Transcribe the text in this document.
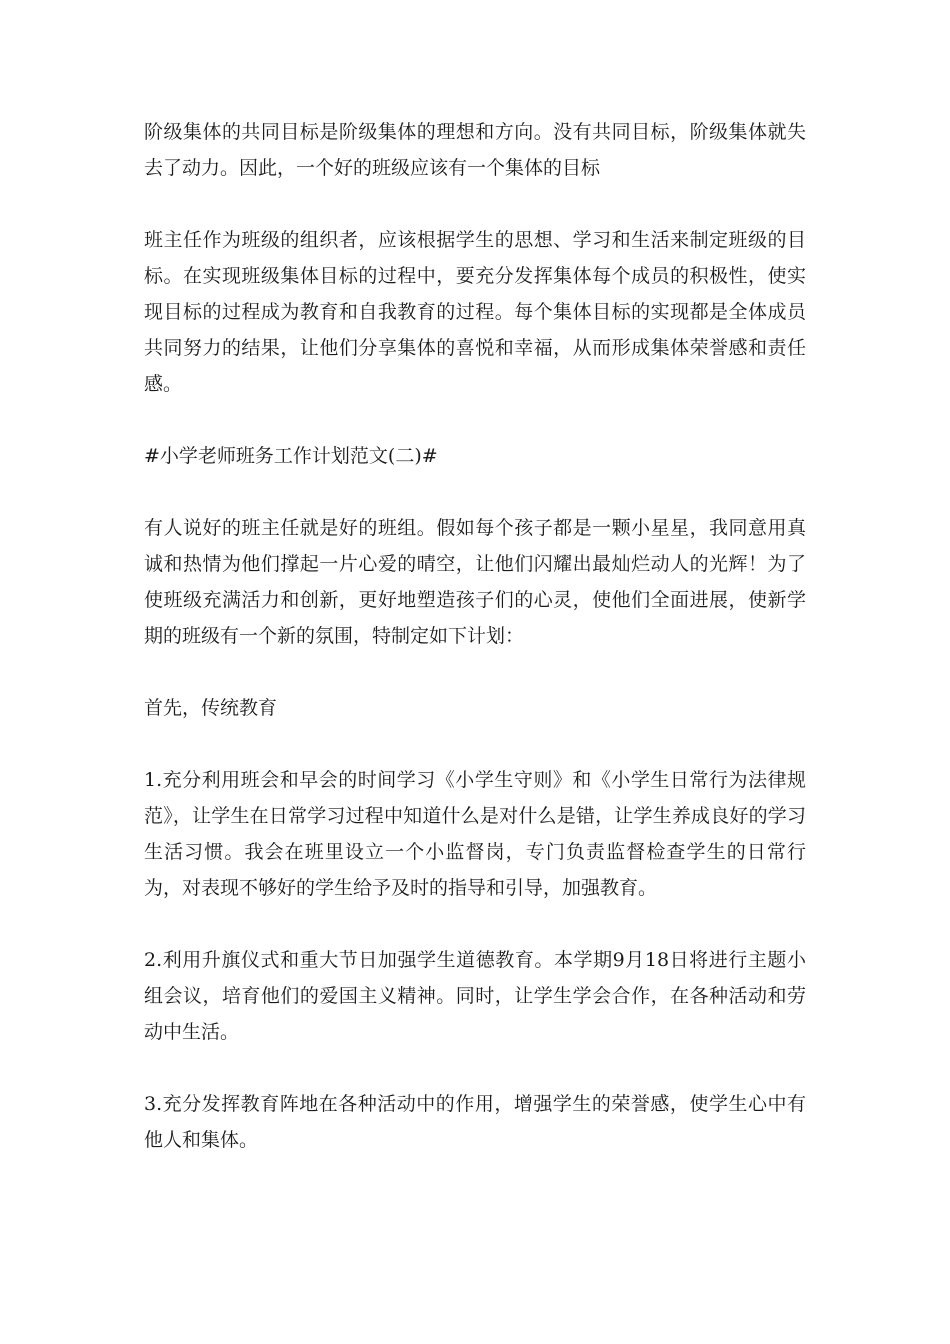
阶级集体的共同目标是阶级集体的理想和方向。没有共同目标，阶级集体就失去了动力。因此，一个好的班级应该有一个集体的目标

班主任作为班级的组织者，应该根据学生的思想、学习和生活来制定班级的目标。在实现班级集体目标的过程中，要充分发挥集体每个成员的积极性，使实现目标的过程成为教育和自我教育的过程。每个集体目标的实现都是全体成员共同努力的结果，让他们分享集体的喜悦和幸福，从而形成集体荣誉感和责任感。

#小学老师班务工作计划范文(二)#

有人说好的班主任就是好的班组。假如每个孩子都是一颗小星星，我同意用真诚和热情为他们撑起一片心爱的晴空，让他们闪耀出最灿烂动人的光辉！为了使班级充满活力和创新，更好地塑造孩子们的心灵，使他们全面进展，使新学期的班级有一个新的氛围，特制定如下计划：

首先，传统教育

1.充分利用班会和早会的时间学习《小学生守则》和《小学生日常行为法律规范》，让学生在日常学习过程中知道什么是对什么是错，让学生养成良好的学习生活习惯。我会在班里设立一个小监督岗，专门负责监督检查学生的日常行为，对表现不够好的学生给予及时的指导和引导，加强教育。

2.利用升旗仪式和重大节日加强学生道德教育。本学期9月18日将进行主题小组会议，培育他们的爱国主义精神。同时，让学生学会合作，在各种活动和劳动中生活。

3.充分发挥教育阵地在各种活动中的作用，增强学生的荣誉感，使学生心中有他人和集体。
